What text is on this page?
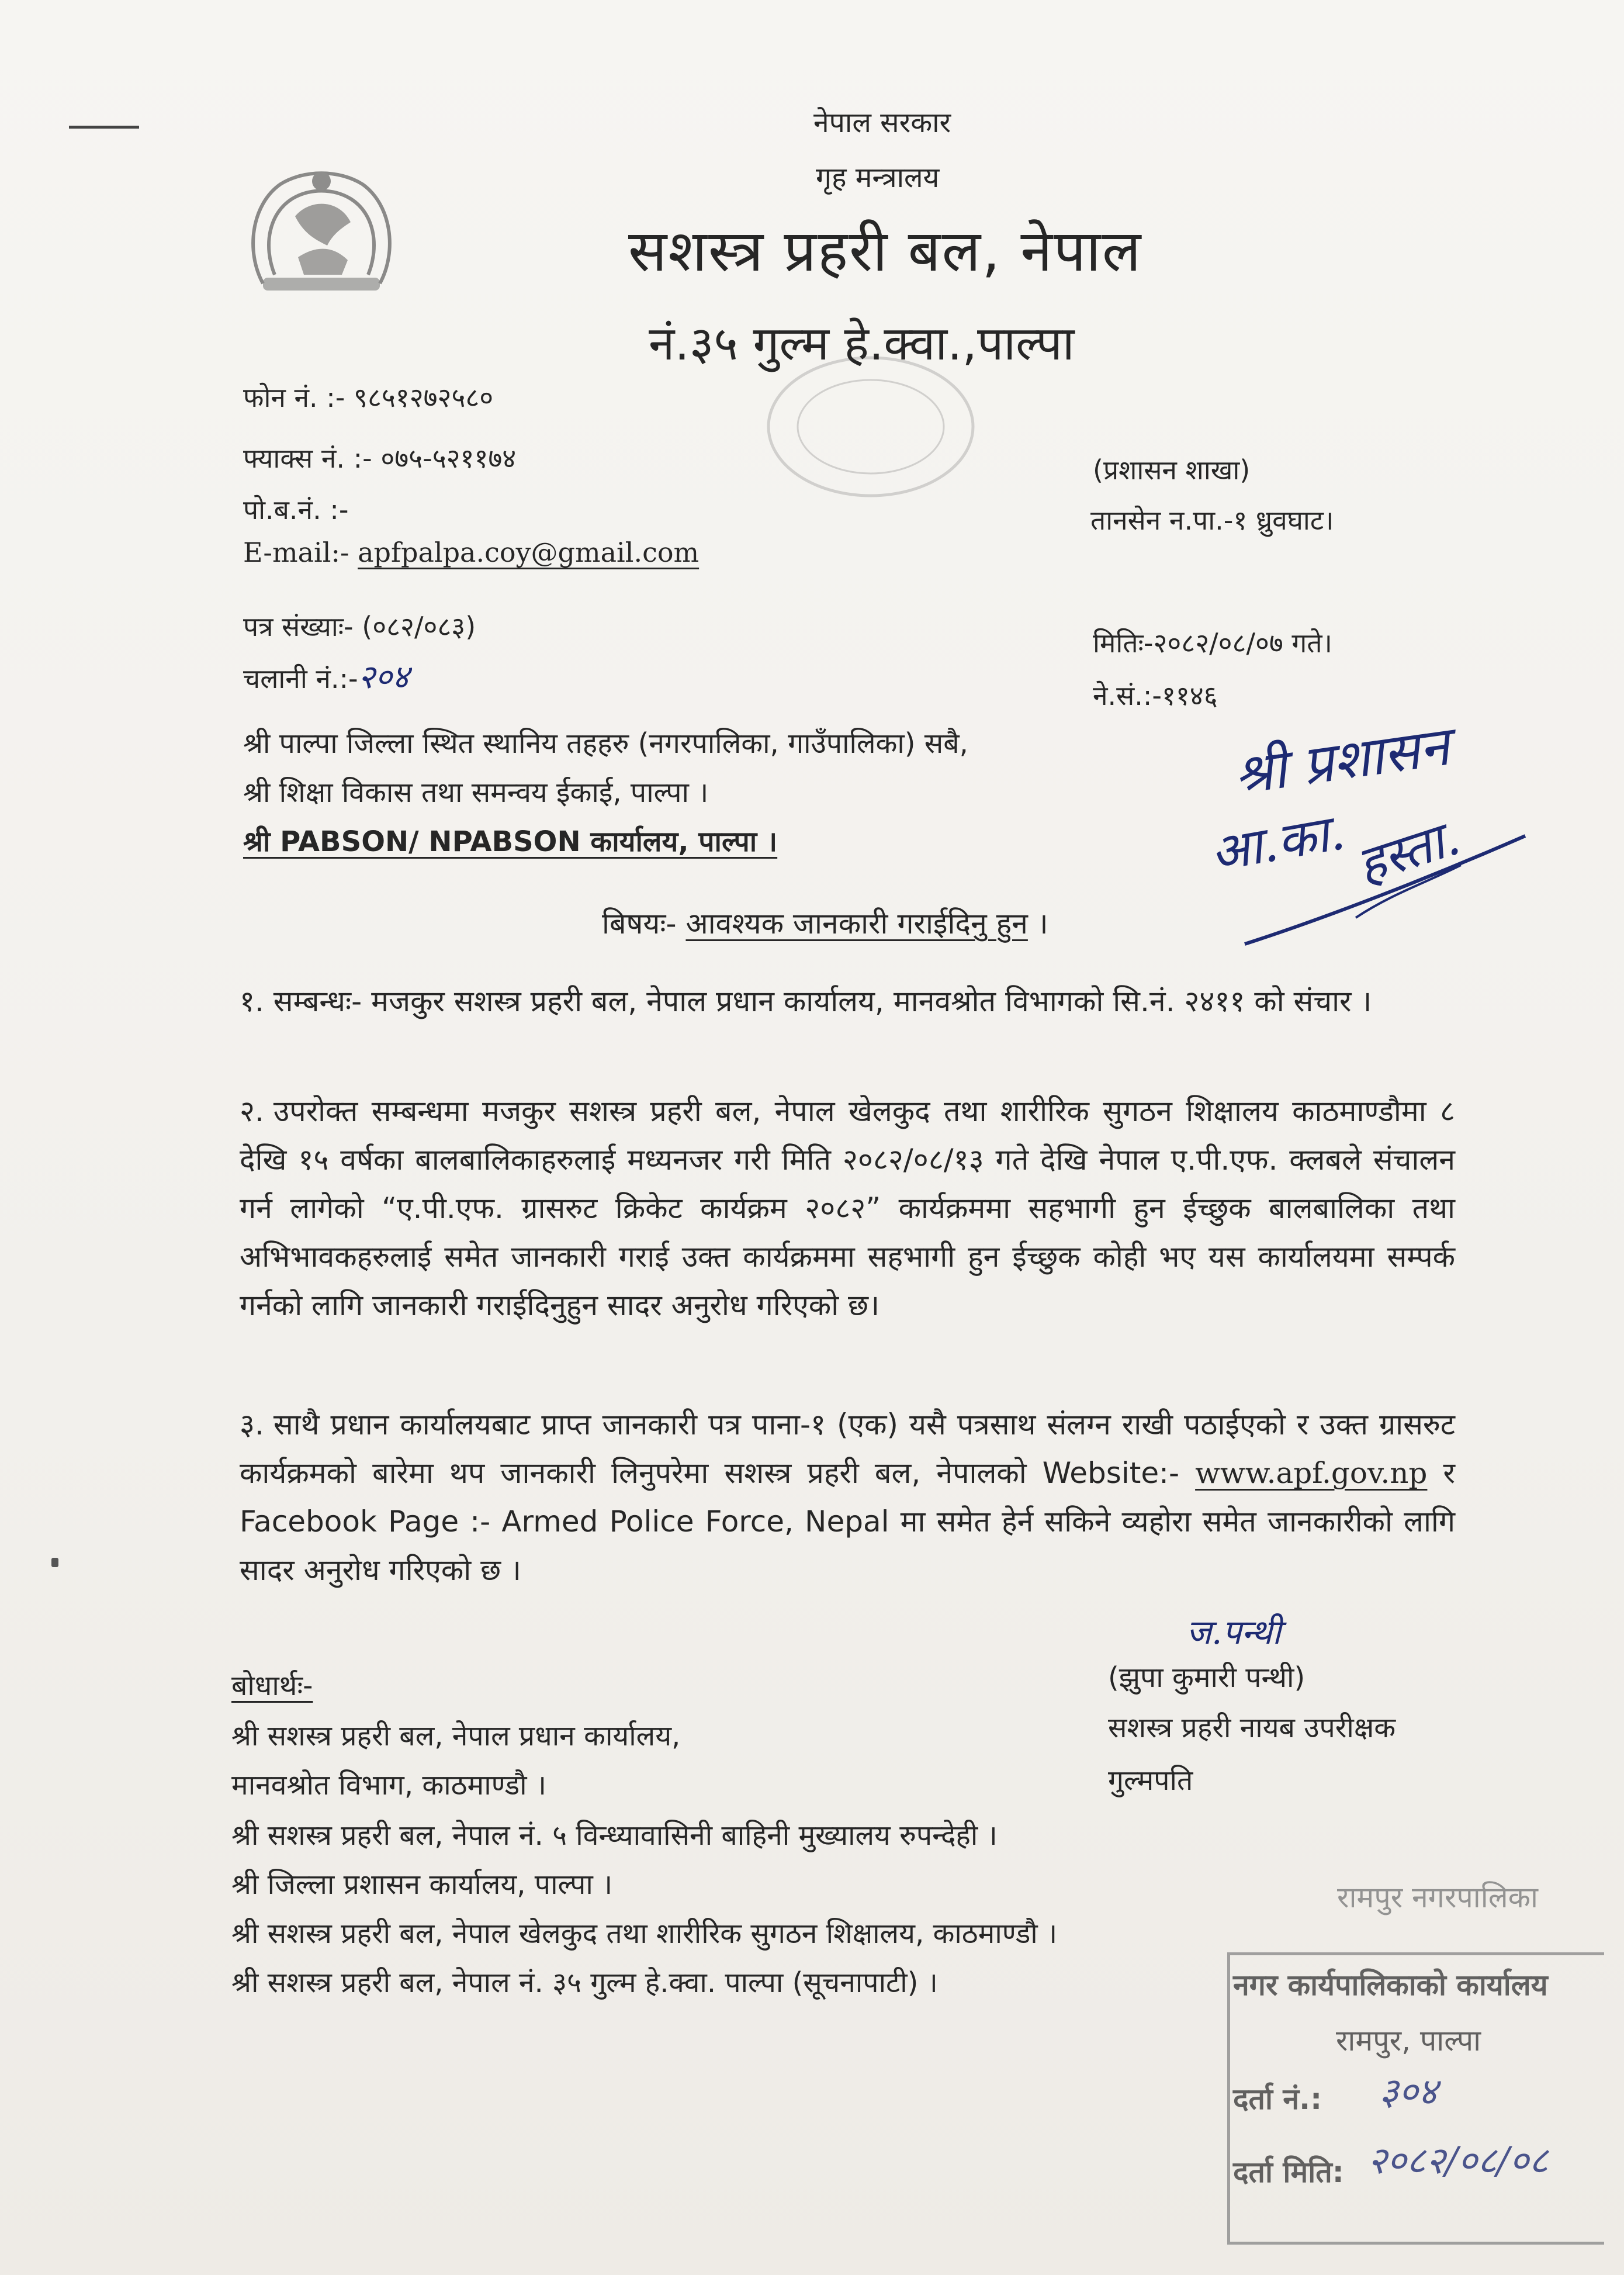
नेपाल सरकार
गृह मन्त्रालय
सशस्त्र प्रहरी बल, नेपाल
नं.३५ गुल्म हे.क्वा.,पाल्पा
फोन नं. :- ९८५१२७२५८०
फ्याक्स नं. :- ०७५-५२११७४
पो.ब.नं. :-
E-mail:- apfpalpa.coy@gmail.com
(प्रशासन शाखा)
तानसेन न.पा.-१ ध्रुवघाट।
पत्र संख्याः- (०८२/०८३)
चलानी नं.:-२०४
मितिः-२०८२/०८/०७ गते।
ने.सं.:-११४६
श्री पाल्पा जिल्ला स्थित स्थानिय तहहरु (नगरपालिका, गाउँपालिका) सबै,
श्री शिक्षा विकास तथा समन्वय ईकाई, पाल्पा ।
श्री PABSON/ NPABSON कार्यालय, पाल्पा ।
श्री प्रशासन
आ.का. हस्ता.
बिषयः- आवश्यक जानकारी गराईदिनु हुन ।
१. सम्बन्धः- मजकुर सशस्त्र प्रहरी बल, नेपाल प्रधान कार्यालय, मानवश्रोत विभागको सि.नं. २४११ को संचार ।
२. उपरोक्त सम्बन्धमा मजकुर सशस्त्र प्रहरी बल, नेपाल खेलकुद तथा शारीरिक सुगठन शिक्षालय काठमाण्डौमा ८ देखि १५ वर्षका बालबालिकाहरुलाई मध्यनजर गरी मिति २०८२/०८/१३ गते देखि नेपाल ए.पी.एफ. क्लबले संचालन गर्न लागेको “ए.पी.एफ. ग्रासरुट क्रिकेट कार्यक्रम २०८२” कार्यक्रममा सहभागी हुन ईच्छुक बालबालिका तथा अभिभावकहरुलाई समेत जानकारी गराई उक्त कार्यक्रममा सहभागी हुन ईच्छुक कोही भए यस कार्यालयमा सम्पर्क गर्नको लागि जानकारी गराईदिनुहुन सादर अनुरोध गरिएको छ।
३. साथै प्रधान कार्यालयबाट प्राप्त जानकारी पत्र पाना-१ (एक) यसै पत्रसाथ संलग्न राखी पठाईएको र उक्त ग्रासरुट कार्यक्रमको बारेमा थप जानकारी लिनुपरेमा सशस्त्र प्रहरी बल, नेपालको Website:- www.apf.gov.np र Facebook Page :- Armed Police Force, Nepal मा समेत हेर्न सकिने व्यहोरा समेत जानकारीको लागि सादर अनुरोध गरिएको छ ।
ज.पन्थी
(झुपा कुमारी पन्थी)
सशस्त्र प्रहरी नायब उपरीक्षक
गुल्मपति
बोधार्थः-
श्री सशस्त्र प्रहरी बल, नेपाल प्रधान कार्यालय,
मानवश्रोत विभाग, काठमाण्डौ ।
श्री सशस्त्र प्रहरी बल, नेपाल नं. ५ विन्ध्यावासिनी बाहिनी मुख्यालय रुपन्देही ।
श्री जिल्ला प्रशासन कार्यालय, पाल्पा ।
श्री सशस्त्र प्रहरी बल, नेपाल खेलकुद तथा शारीरिक सुगठन शिक्षालय, काठमाण्डौ ।
श्री सशस्त्र प्रहरी बल, नेपाल नं. ३५ गुल्म हे.क्वा. पाल्पा (सूचनापाटी) ।
रामपुर नगरपालिका
नगर कार्यपालिकाको कार्यालय
रामपुर, पाल्पा
दर्ता नं.: ३०४
दर्ता मिति: २०८२/०८/०८
